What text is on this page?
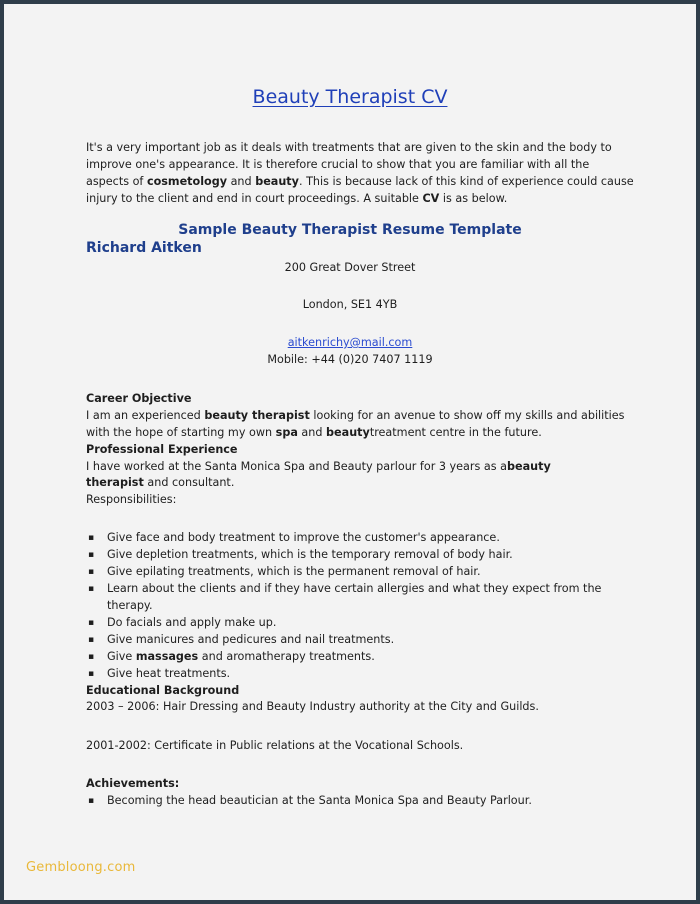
Beauty Therapist CV
It's a very important job as it deals with treatments that are given to the skin and the body to
improve one's appearance. It is therefore crucial to show that you are familiar with all the
aspects of cosmetology and beauty. This is because lack of this kind of experience could cause
injury to the client and end in court proceedings. A suitable CV is as below.
Sample Beauty Therapist Resume Template
Richard Aitken
200 Great Dover Street
London, SE1 4YB
aitkenrichy@mail.com
Mobile: +44 (0)20 7407 1119
Career Objective
I am an experienced beauty therapist looking for an avenue to show off my skills and abilities
with the hope of starting my own spa and beautytreatment centre in the future.
Professional Experience
I have worked at the Santa Monica Spa and Beauty parlour for 3 years as abeauty
therapist and consultant.
Responsibilities:
▪ Give face and body treatment to improve the customer's appearance.
▪ Give depletion treatments, which is the temporary removal of body hair.
▪ Give epilating treatments, which is the permanent removal of hair.
▪ Learn about the clients and if they have certain allergies and what they expect from the
therapy.
▪ Do facials and apply make up.
▪ Give manicures and pedicures and nail treatments.
▪ Give massages and aromatherapy treatments.
▪ Give heat treatments.
Educational Background
2003 – 2006: Hair Dressing and Beauty Industry authority at the City and Guilds.
2001-2002: Certificate in Public relations at the Vocational Schools.
Achievements:
▪ Becoming the head beautician at the Santa Monica Spa and Beauty Parlour.
Gembloong.com
